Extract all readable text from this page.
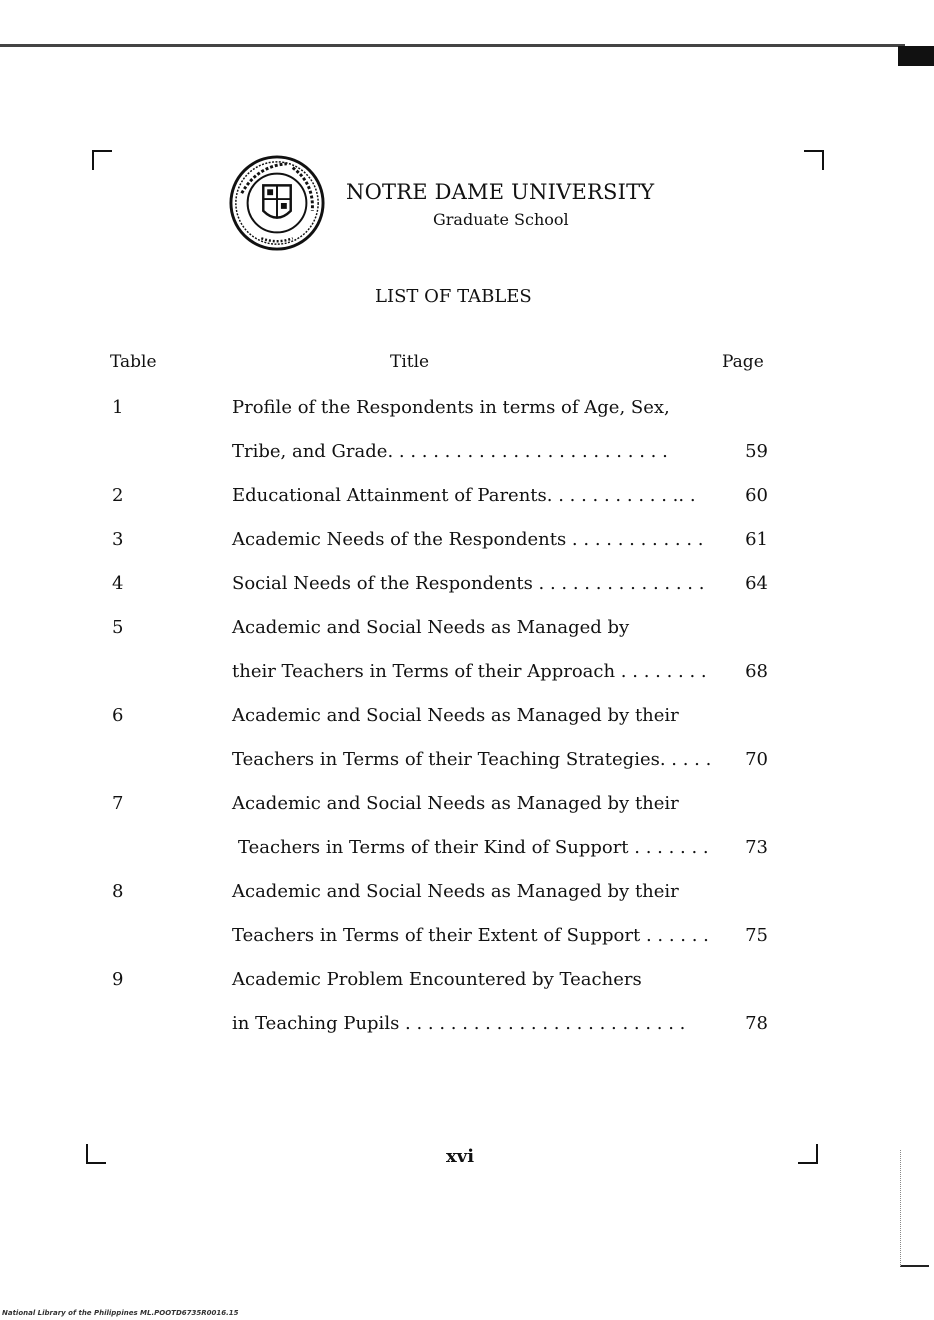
NOTRE DAME UNIVERSITY
Graduate School
LIST OF TABLES
Table	Title	Page
1	Profile of the Respondents in terms of Age, Sex,
Tribe, and Grade. . . . . . . . . . . . . . . . . . . . . . . . .	59
2	Educational Attainment of Parents. . . . . . . . . . . .. .	60
3	Academic Needs of the Respondents . . . . . . . . . . . .	61
4	Social Needs of the Respondents . . . . . . . . . . . . . . .	64
5	Academic and Social Needs as Managed by
their Teachers in Terms of their Approach . . . . . . . .	68
6	Academic and Social Needs as Managed by their
Teachers in Terms of their Teaching Strategies. . . . .	70
7	Academic and Social Needs as Managed by their
Teachers in Terms of their Kind of Support . . . . . . .	73
8	Academic and Social Needs as Managed by their
Teachers in Terms of their Extent of Support . . . . . .	75
9	Academic Problem Encountered by Teachers
in Teaching Pupils . . . . . . . . . . . . . . . . . . . . . . . . .	78
xvi
National Library of the Philippines ML.POOTD6735R0016.15
